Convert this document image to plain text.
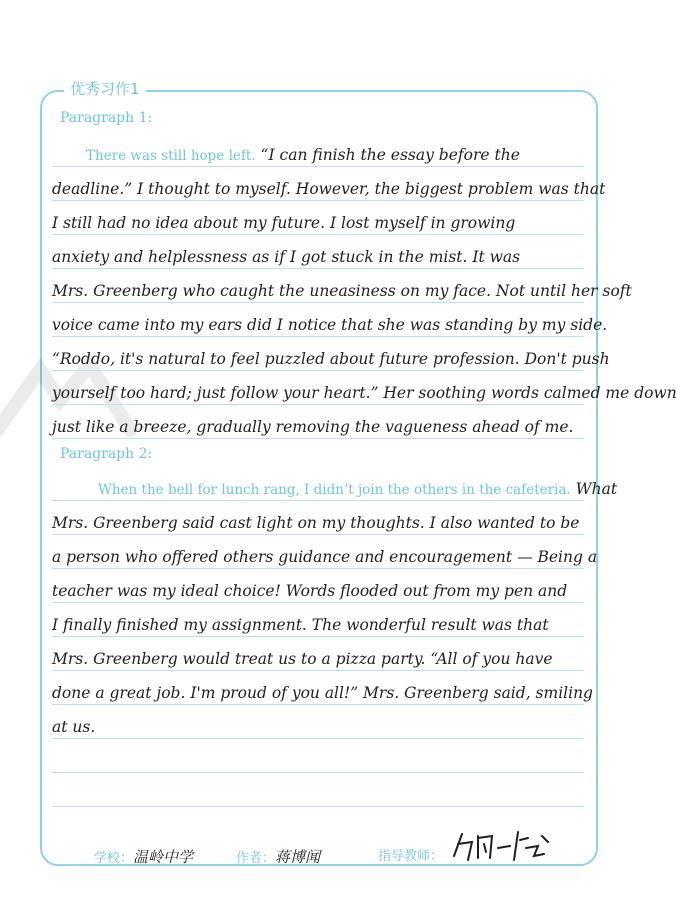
优秀习作1
Paragraph 1:
There was still hope left. “I can finish the essay before the
deadline.” I thought to myself. However, the biggest problem was that
I still had no idea about my future. I lost myself in growing
anxiety and helplessness as if I got stuck in the mist. It was
Mrs. Greenberg who caught the uneasiness on my face. Not until her soft
voice came into my ears did I notice that she was standing by my side.
“Roddo, it's natural to feel puzzled about future profession. Don't push
yourself too hard; just follow your heart.” Her soothing words calmed me down
just like a breeze, gradually removing the vagueness ahead of me.
Paragraph 2:
When the bell for lunch rang, I didn’t join the others in the cafeteria. What
Mrs. Greenberg said cast light on my thoughts. I also wanted to be
a person who offered others guidance and encouragement — Being a
teacher was my ideal choice! Words flooded out from my pen and
I finally finished my assignment. The wonderful result was that
Mrs. Greenberg would treat us to a pizza party. “All of you have
done a great job. I'm proud of you all!” Mrs. Greenberg said, smiling
at us.
学校：温岭中学	作者：蒋博闻	指导教师：
